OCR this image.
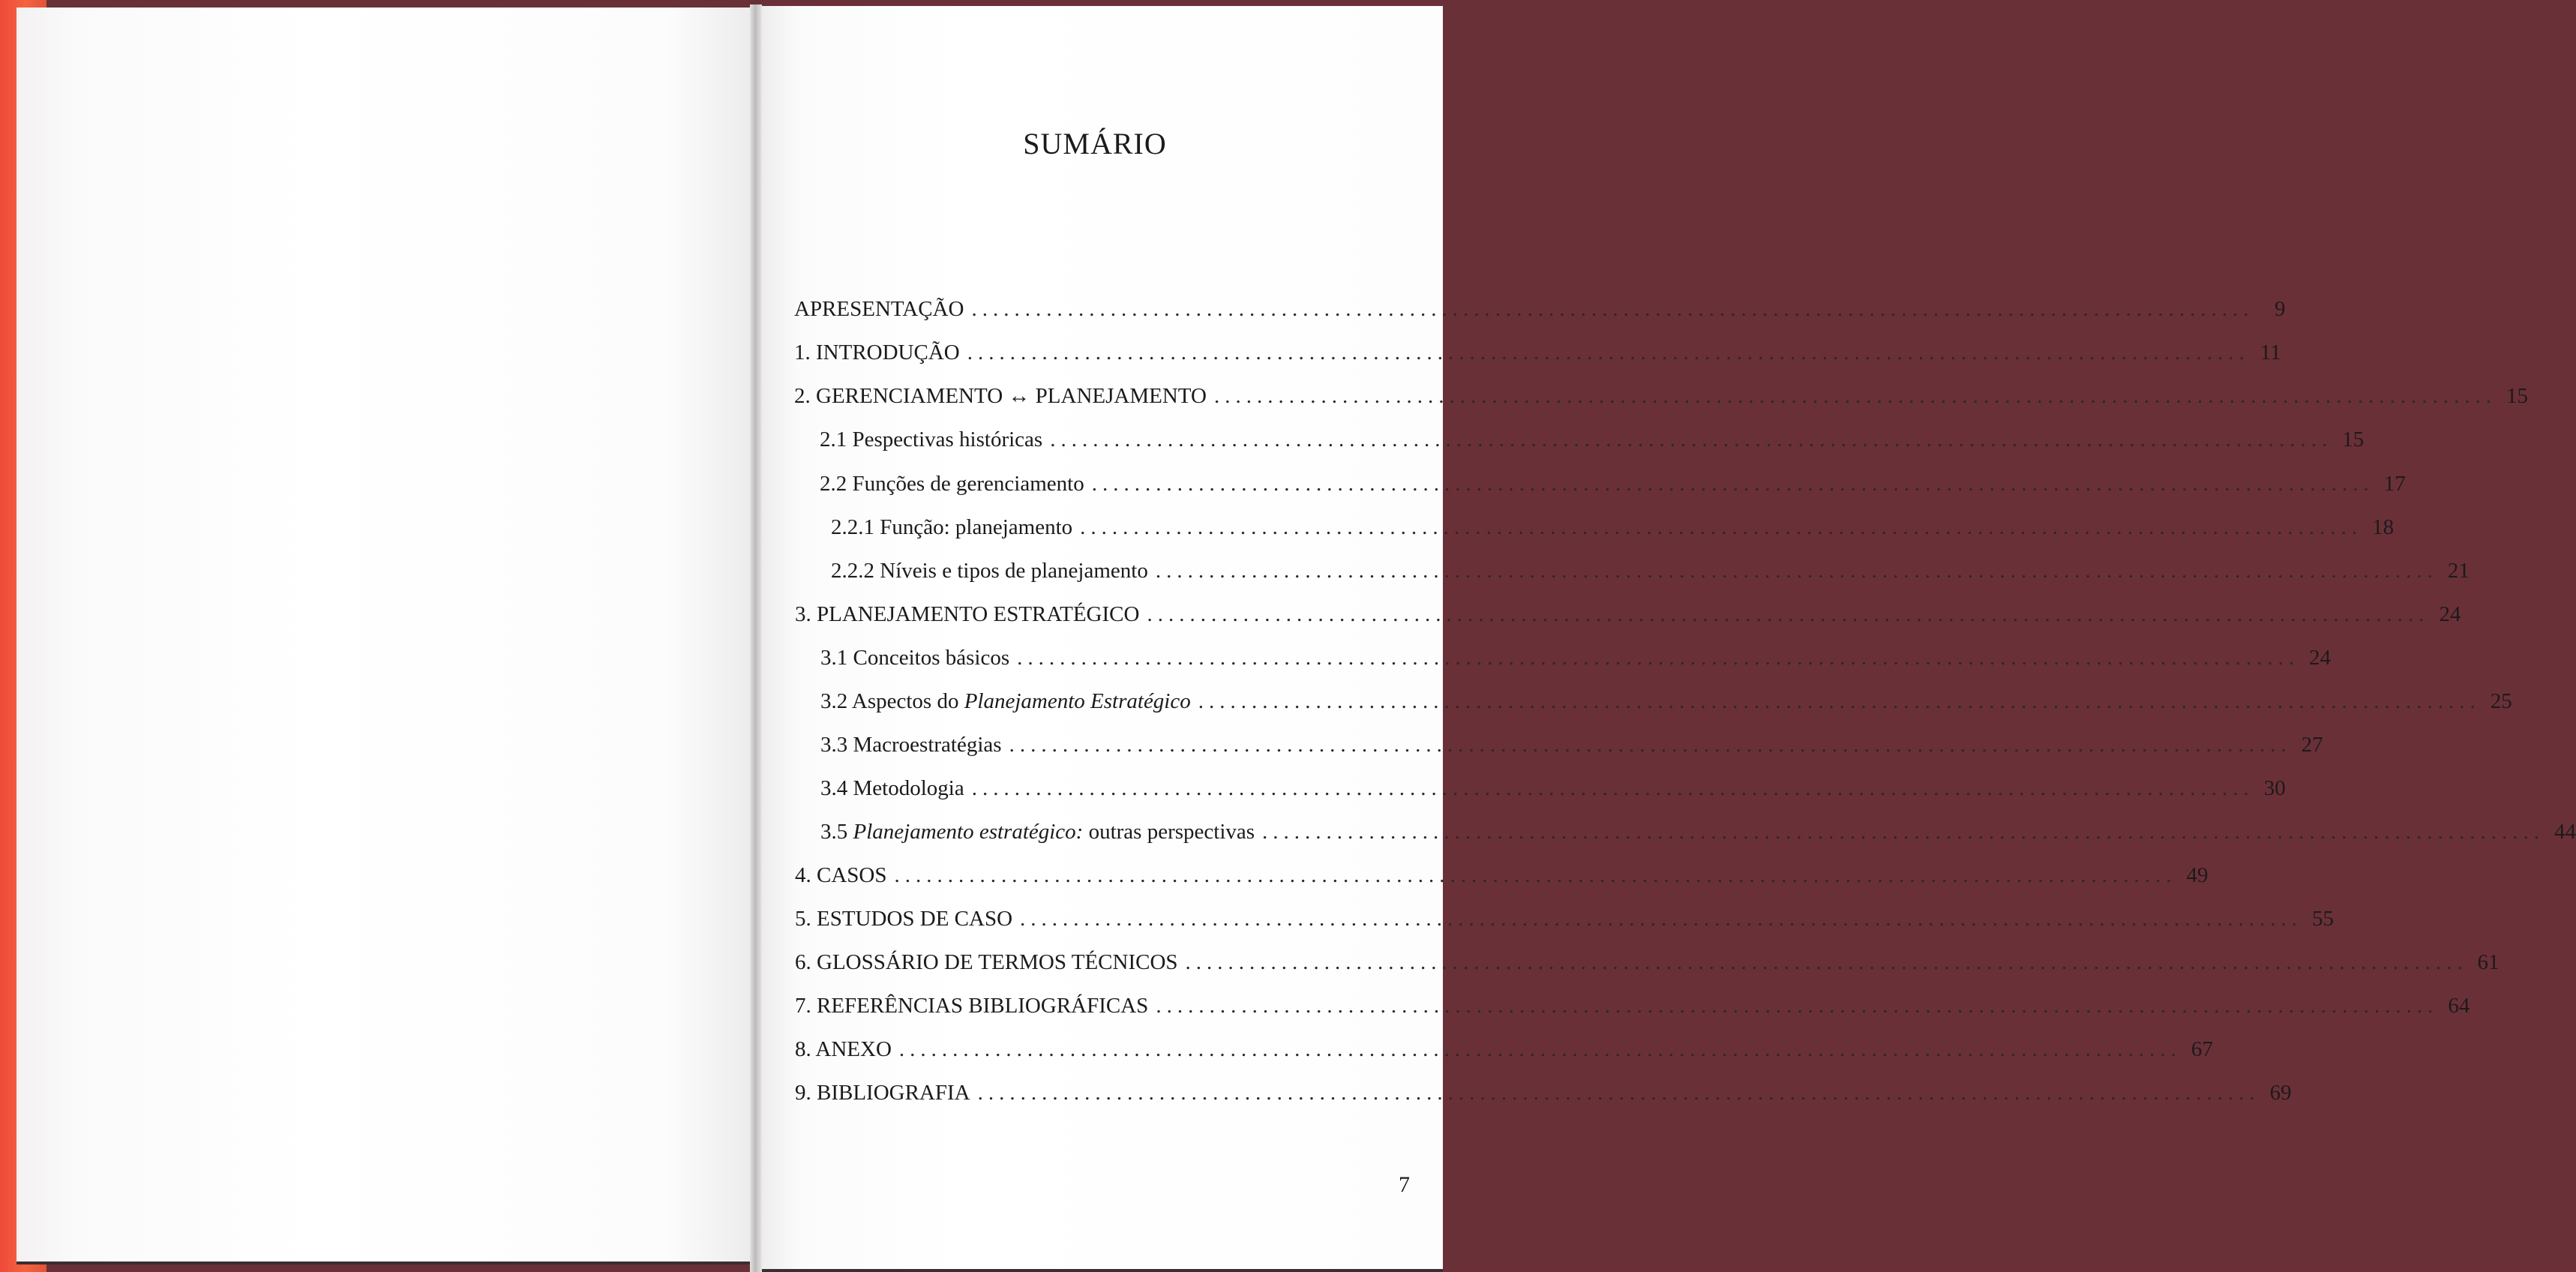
SUMÁRIO
APRESENTAÇÃO ........................................................................................................................ 9
1. INTRODUÇÃO ........................................................................................................................ 11
2. GERENCIAMENTO ↔ PLANEJAMENTO ........................................................................................................................ 15
2.1 Pespectivas históricas ........................................................................................................................ 15
2.2 Funções de gerenciamento ........................................................................................................................ 17
2.2.1 Função: planejamento ........................................................................................................................ 18
2.2.2 Níveis e tipos de planejamento ........................................................................................................................ 21
3. PLANEJAMENTO ESTRATÉGICO ........................................................................................................................ 24
3.1 Conceitos básicos ........................................................................................................................ 24
3.2 Aspectos do Planejamento Estratégico ........................................................................................................................ 25
3.3 Macroestratégias ........................................................................................................................ 27
3.4 Metodologia ........................................................................................................................ 30
3.5 Planejamento estratégico: outras perspectivas ........................................................................................................................ 44
4. CASOS ........................................................................................................................ 49
5. ESTUDOS DE CASO ........................................................................................................................ 55
6. GLOSSÁRIO DE TERMOS TÉCNICOS ........................................................................................................................ 61
7. REFERÊNCIAS BIBLIOGRÁFICAS ........................................................................................................................ 64
8. ANEXO ........................................................................................................................ 67
9. BIBLIOGRAFIA ........................................................................................................................ 69
7
